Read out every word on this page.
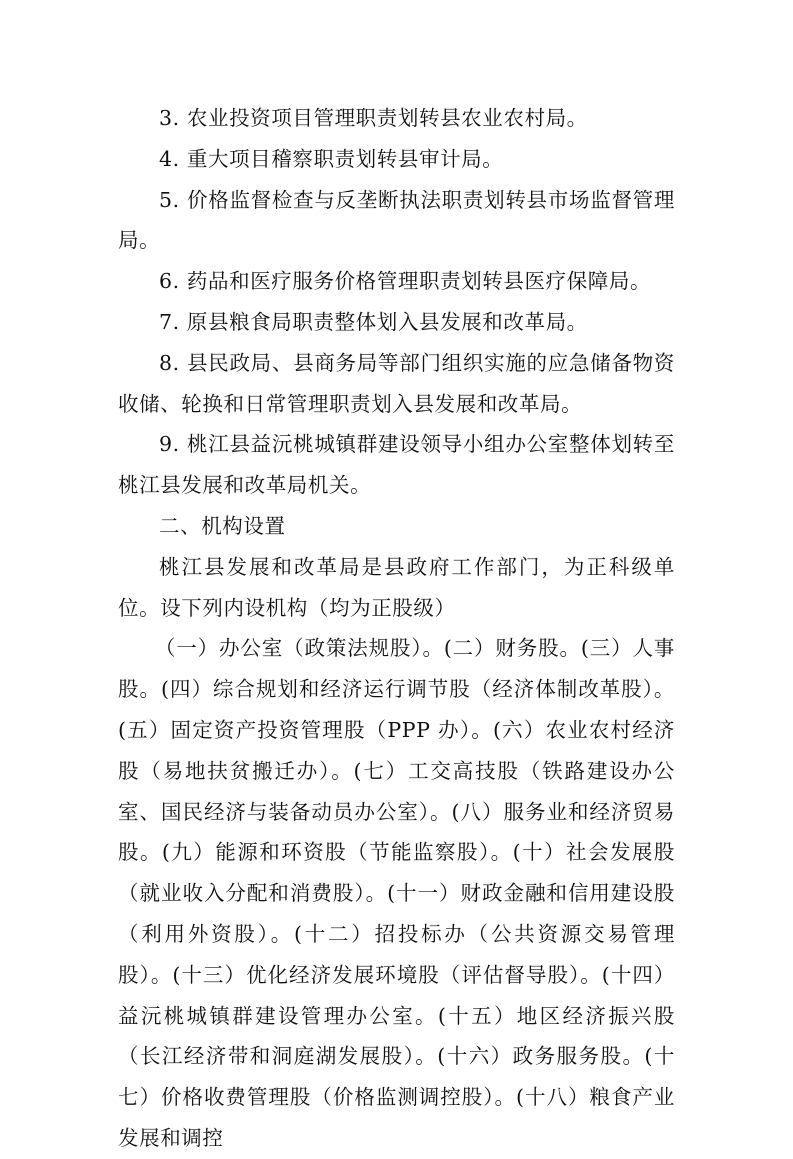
3. 农业投资项目管理职责划转县农业农村局。

4. 重大项目稽察职责划转县审计局。

5. 价格监督检查与反垄断执法职责划转县市场监督管理局。

6. 药品和医疗服务价格管理职责划转县医疗保障局。

7. 原县粮食局职责整体划入县发展和改革局。

8. 县民政局、县商务局等部门组织实施的应急储备物资收储、轮换和日常管理职责划入县发展和改革局。

9. 桃江县益沅桃城镇群建设领导小组办公室整体划转至桃江县发展和改革局机关。

二、机构设置

桃江县发展和改革局是县政府工作部门，为正科级单位。设下列内设机构（均为正股级）

（一）办公室（政策法规股）。(二）财务股。(三）人事股。(四）综合规划和经济运行调节股（经济体制改革股）。(五）固定资产投资管理股（PPP 办）。(六）农业农村经济股（易地扶贫搬迁办）。(七）工交高技股（铁路建设办公室、国民经济与装备动员办公室）。(八）服务业和经济贸易股。(九）能源和环资股（节能监察股）。(十）社会发展股（就业收入分配和消费股）。(十一）财政金融和信用建设股（利用外资股）。(十二）招投标办（公共资源交易管理股）。(十三）优化经济发展环境股（评估督导股）。(十四）益沅桃城镇群建设管理办公室。(十五）地区经济振兴股（长江经济带和洞庭湖发展股）。(十六）政务服务股。(十七）价格收费管理股（价格监测调控股）。(十八）粮食产业发展和调控
